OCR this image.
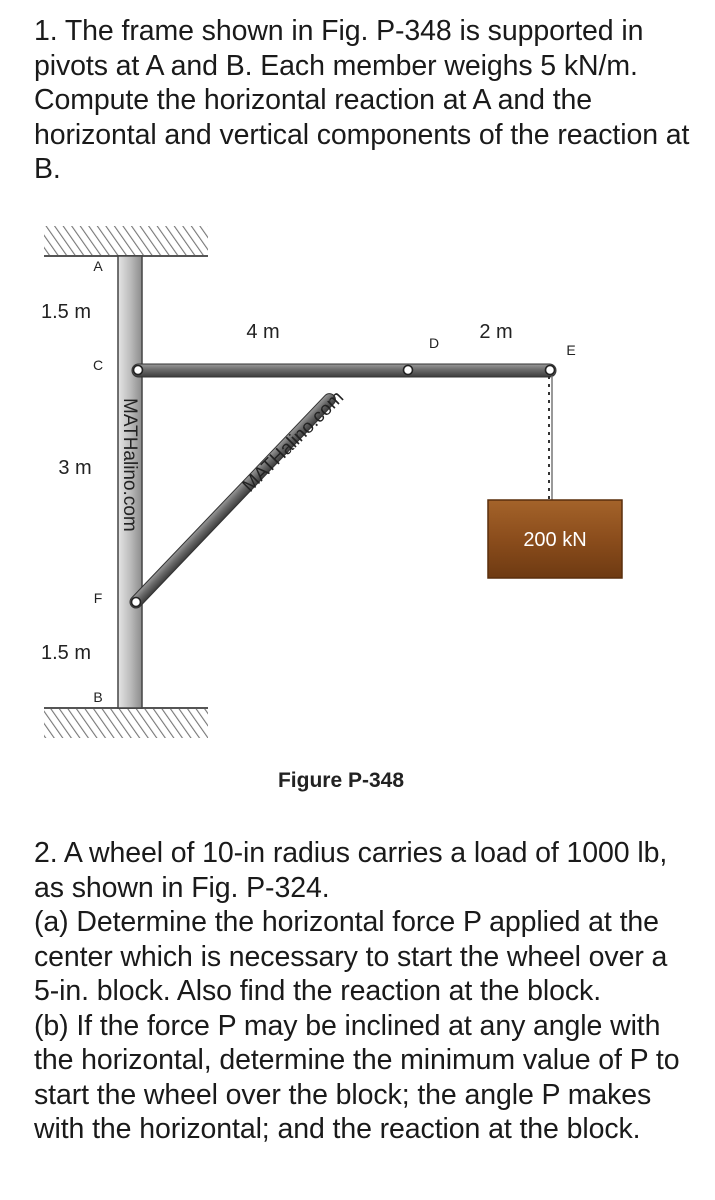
1. The frame shown in Fig. P-348 is supported in pivots at A and B. Each member weighs 5 kN/m. Compute the horizontal reaction at A and the horizontal and vertical components of the reaction at B.

MATHalino.com	MATHalino.com
200 kN
A
C
F
B
D	E
1.5 m
3 m
1.5 m
4 m	2 m
Figure P-348

2. A wheel of 10-in radius carries a load of 1000 lb, as shown in Fig. P-324.
(a) Determine the horizontal force P applied at the center which is necessary to start the wheel over a 5-in. block. Also find the reaction at the block.
(b) If the force P may be inclined at any angle with the horizontal, determine the minimum value of P to start the wheel over the block; the angle P makes with the horizontal; and the reaction at the block.
